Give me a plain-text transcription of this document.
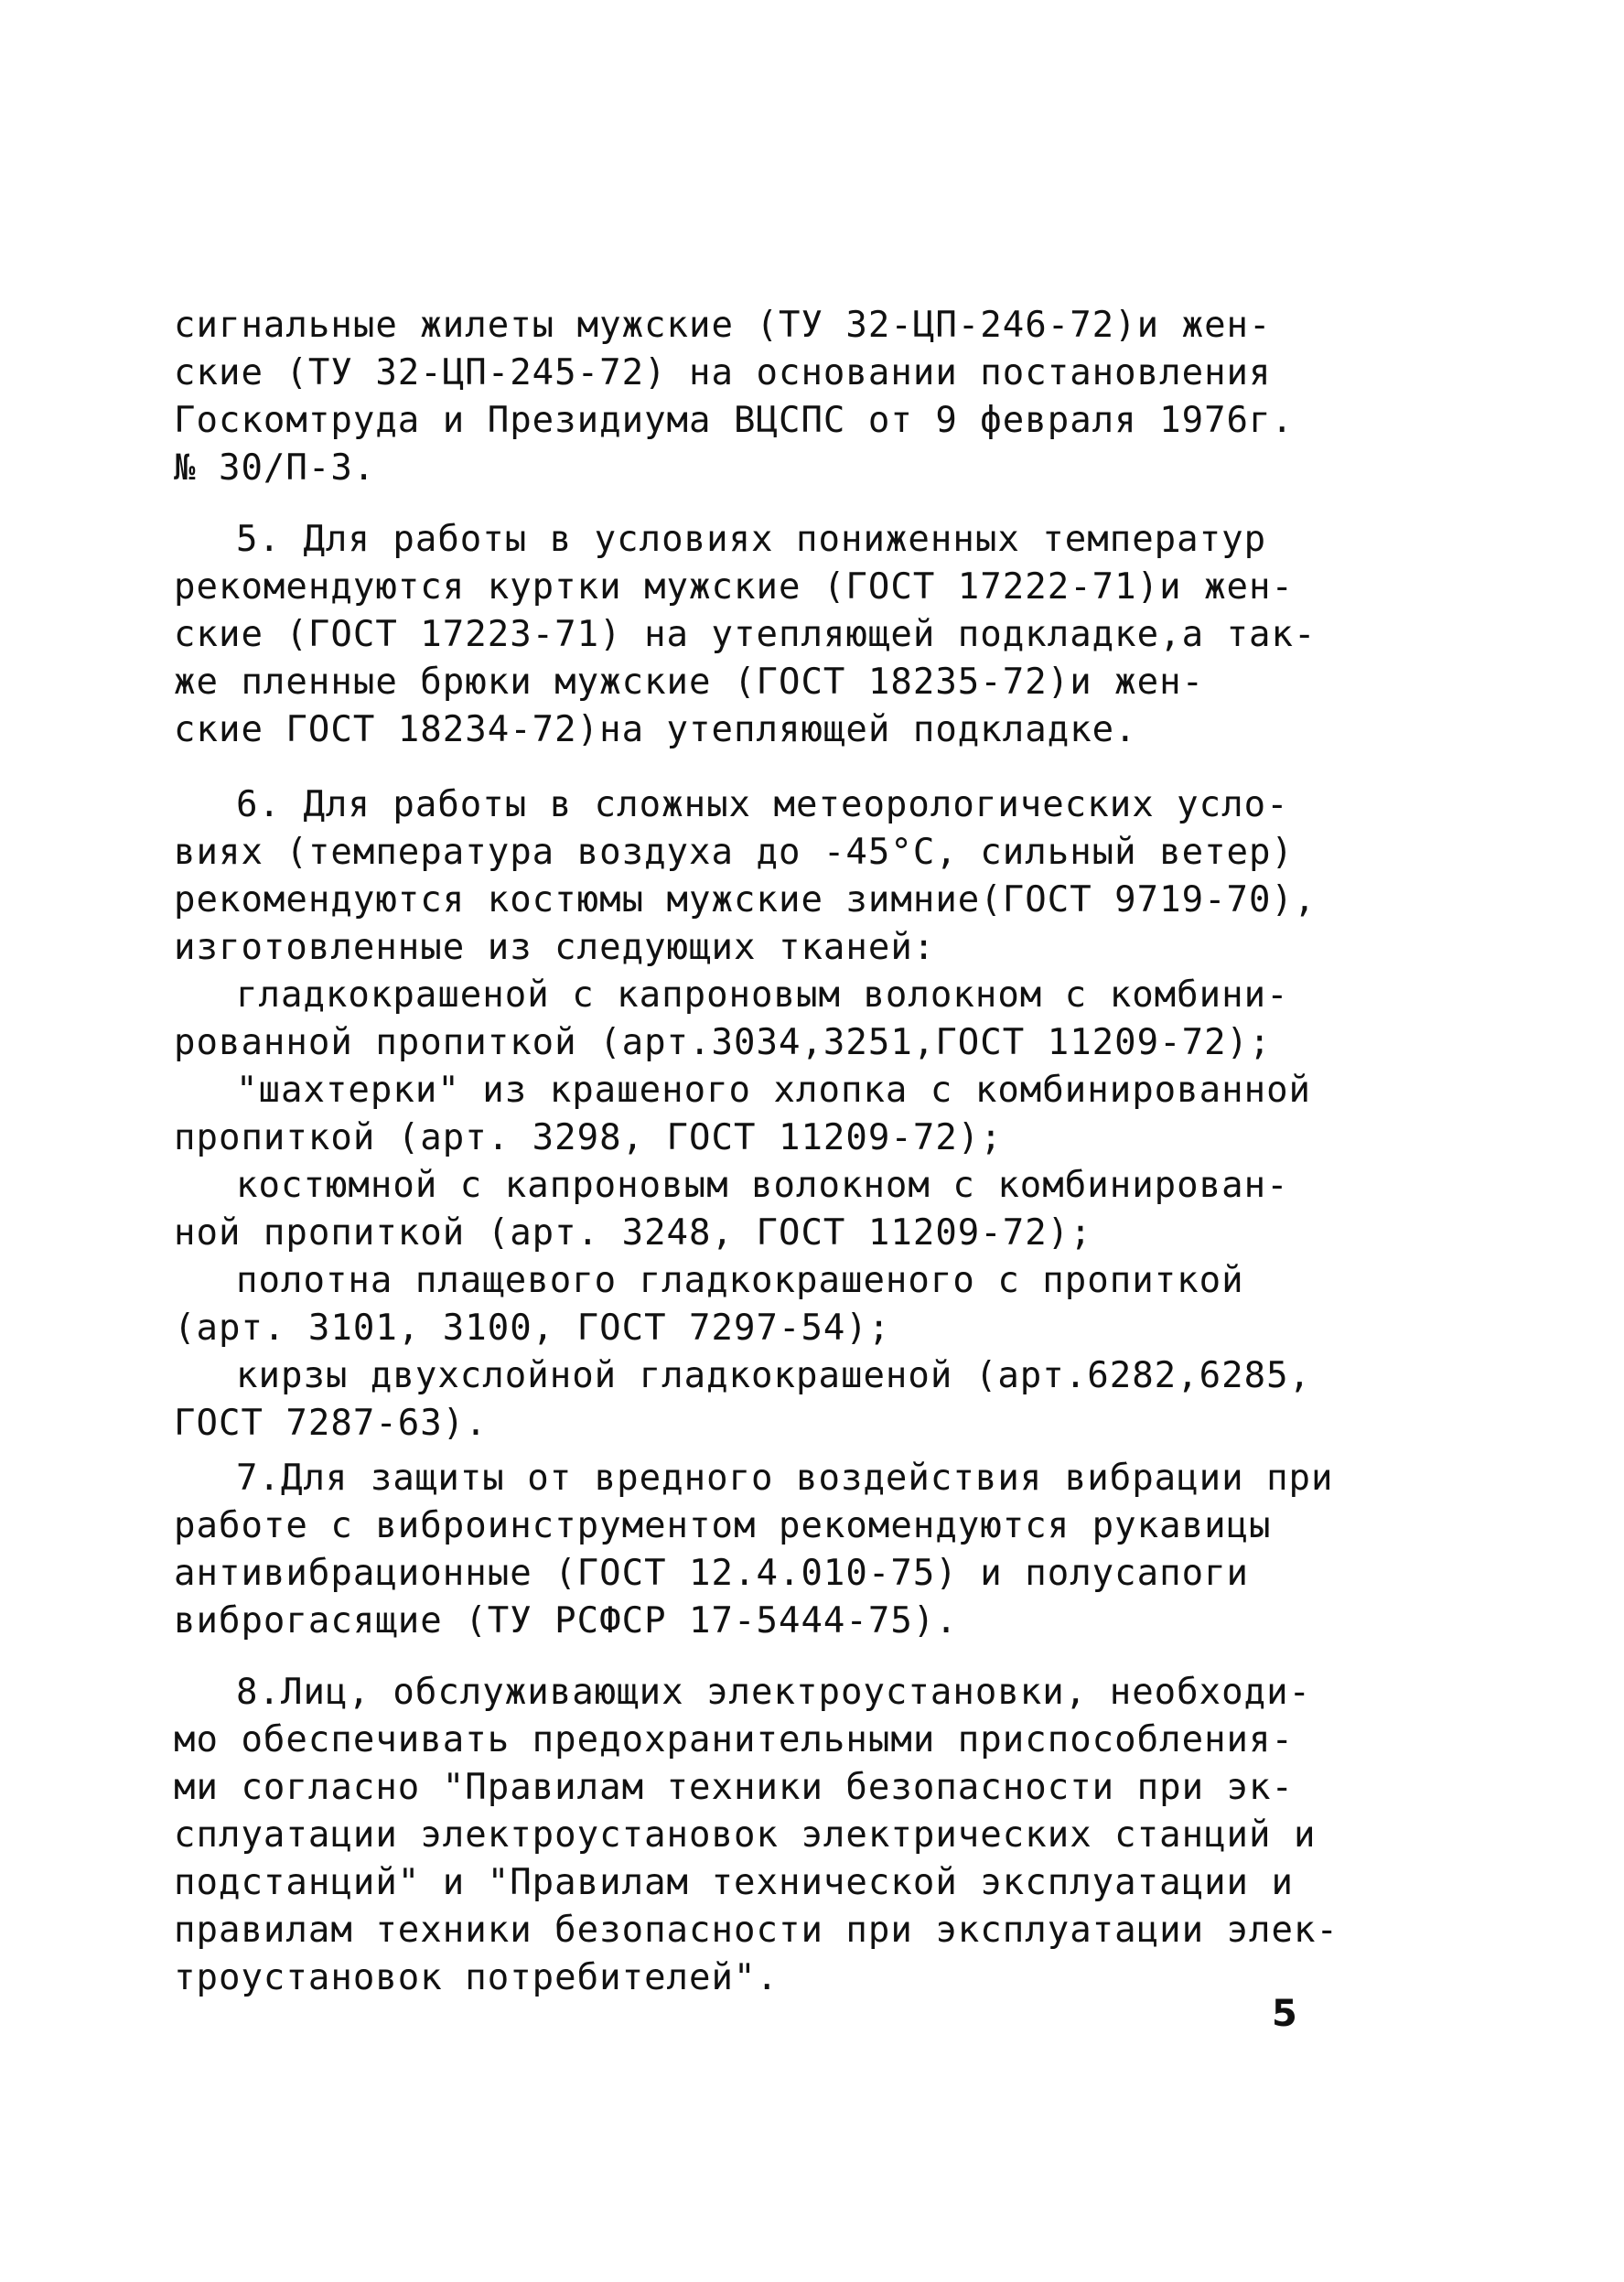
сигнальные жилеты мужские (ТУ 32-ЦП-246-72)и жен-
ские (ТУ 32-ЦП-245-72) на основании постановления
Госкомтруда и Президиума ВЦСПС от 9 февраля 1976г.
№ 30/П-3.
5. Для работы в условиях пониженных температур
рекомендуются куртки мужские (ГОСТ 17222-71)и жен-
ские (ГОСТ 17223-71) на утепляющей подкладке,а так-
же пленные брюки мужские (ГОСТ 18235-72)и жен-
ские ГОСТ 18234-72)на утепляющей подкладке.
6. Для работы в сложных метеорологических усло-
виях (температура воздуха до -45°С, сильный ветер)
рекомендуются костюмы мужские зимние(ГОСТ 9719-70),
изготовленные из следующих тканей:
гладкокрашеной с капроновым волокном с комбини-
рованной пропиткой (арт.3034,3251,ГОСТ 11209-72);
"шахтерки" из крашеного хлопка с комбинированной
пропиткой (арт. 3298, ГОСТ 11209-72);
костюмной с капроновым волокном с комбинирован-
ной пропиткой (арт. 3248, ГОСТ 11209-72);
полотна плащевого гладкокрашеного с пропиткой
(арт. 3101, 3100, ГОСТ 7297-54);
кирзы двухслойной гладкокрашеной (арт.6282,6285,
ГОСТ 7287-63).
7.Для защиты от вредного воздействия вибрации при
работе с виброинструментом рекомендуются рукавицы
антивибрационные (ГОСТ 12.4.010-75) и полусапоги
виброгасящие (ТУ РСФСР 17-5444-75).
8.Лиц, обслуживающих электроустановки, необходи-
мо обеспечивать предохранительными приспособления-
ми согласно "Правилам техники безопасности при эк-
сплуатации электроустановок электрических станций и
подстанций" и "Правилам технической эксплуатации и
правилам техники безопасности при эксплуатации элек-
троустановок потребителей".
5
